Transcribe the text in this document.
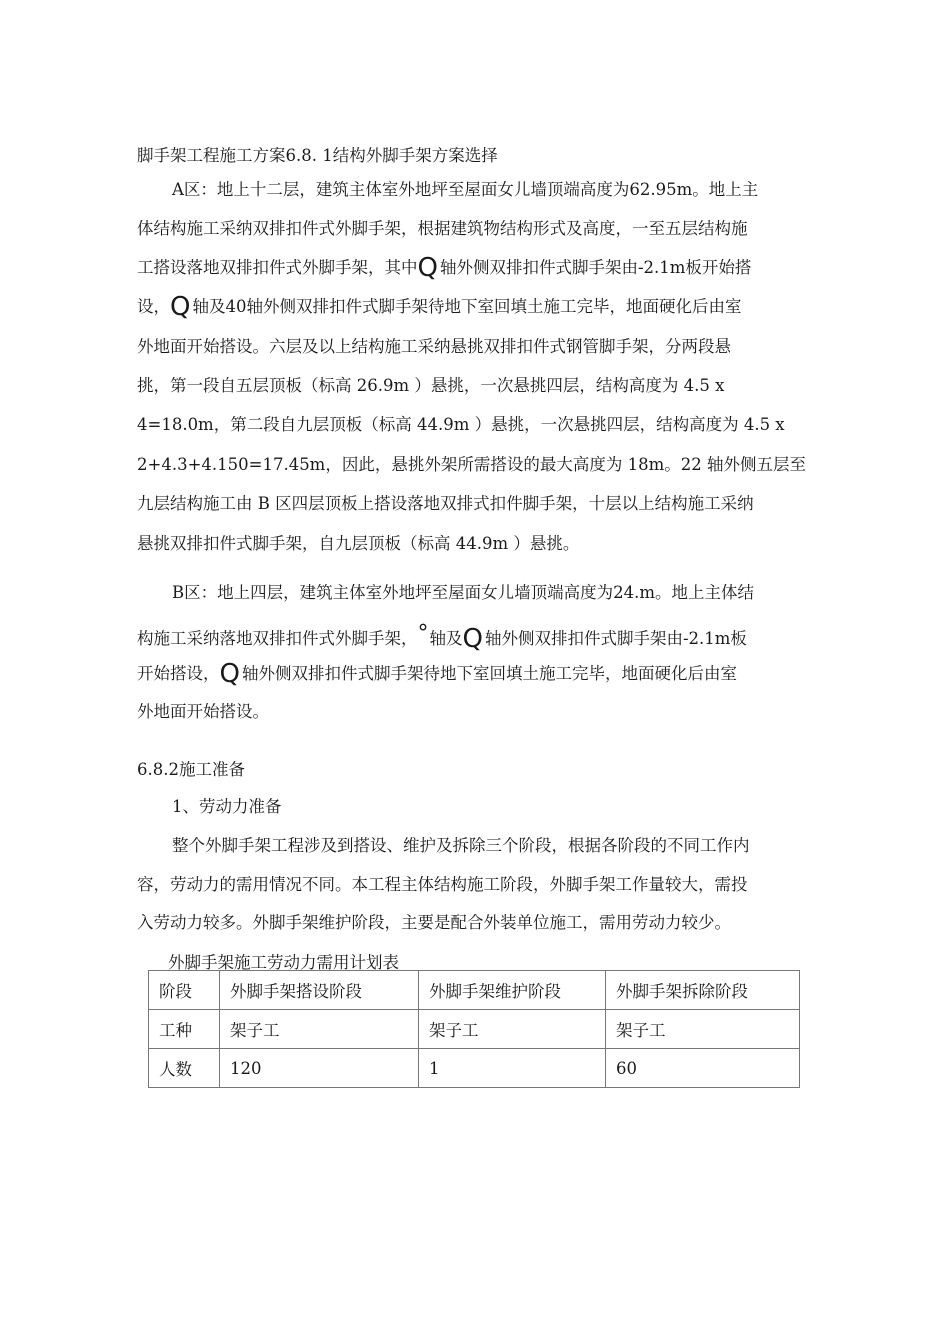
脚手架工程施工方案6.8. 1结构外脚手架方案选择
A区：地上十二层，建筑主体室外地坪至屋面女儿墙顶端高度为62.95m。地上主
体结构施工采纳双排扣件式外脚手架，根据建筑物结构形式及高度，一至五层结构施
工搭设落地双排扣件式外脚手架，其中Q 轴外侧双排扣件式脚手架由-2.1m板开始搭
设，Q 轴及40轴外侧双排扣件式脚手架待地下室回填土施工完毕，地面硬化后由室
外地面开始搭设。六层及以上结构施工采纳悬挑双排扣件式钢管脚手架，分两段悬
挑，第一段自五层顶板（标高 26.9m ）悬挑，一次悬挑四层，结构高度为 4.5 x
4=18.0m，第二段自九层顶板（标高 44.9m ）悬挑，一次悬挑四层，结构高度为 4.5 x
2+4.3+4.150=17.45m，因此，悬挑外架所需搭设的最大高度为 18m。22 轴外侧五层至
九层结构施工由 B 区四层顶板上搭设落地双排式扣件脚手架，十层以上结构施工采纳
悬挑双排扣件式脚手架，自九层顶板（标高 44.9m ）悬挑。
B区：地上四层，建筑主体室外地坪至屋面女儿墙顶端高度为24.m。地上主体结
构施工采纳落地双排扣件式外脚手架，°轴及Q 轴外侧双排扣件式脚手架由-2.1m板
开始搭设，Q 轴外侧双排扣件式脚手架待地下室回填土施工完毕，地面硬化后由室
外地面开始搭设。
6.8.2施工准备
1、劳动力准备
整个外脚手架工程涉及到搭设、维护及拆除三个阶段，根据各阶段的不同工作内
容，劳动力的需用情况不同。本工程主体结构施工阶段，外脚手架工作量较大，需投
入劳动力较多。外脚手架维护阶段，主要是配合外装单位施工，需用劳动力较少。
外脚手架施工劳动力需用计划表
阶段	外脚手架搭设阶段	外脚手架维护阶段	外脚手架拆除阶段
工种	架子工	架子工	架子工
人数	120	1	60
